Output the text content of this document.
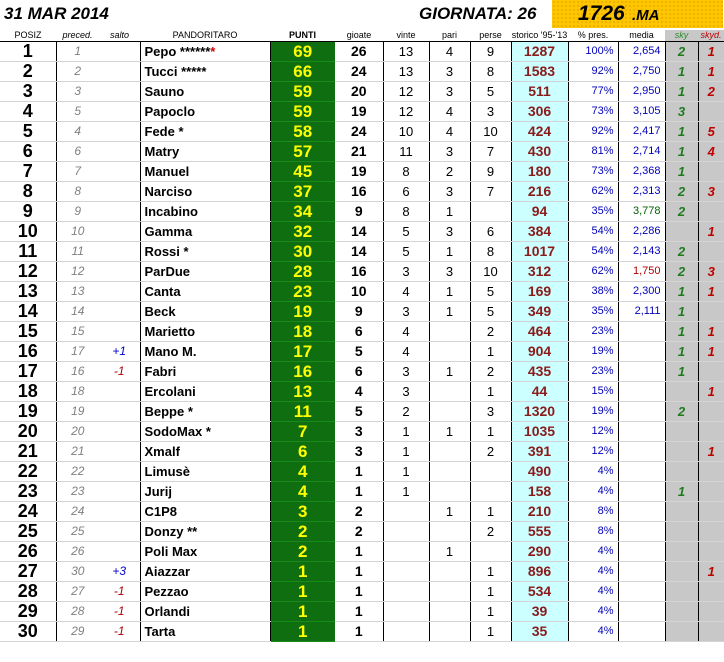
31 MAR 2014	GIORNATA: 26 1726 .MA
POSIZ	preced.	salto	PANDORITARO	PUNTI	gioate	vinte	pari	perse	storico '95-'13	% pres.	media	sky	skyd.
1	1		Pepo *******	69	26	13	4	9	1287	100%	2,654	2	1
2	2		Tucci *****	66	24	13	3	8	1583	92%	2,750	1	1
3	3		Sauno	59	20	12	3	5	511	77%	2,950	1	2
4	5		Papoclo	59	19	12	4	3	306	73%	3,105	3	
5	4		Fede *	58	24	10	4	10	424	92%	2,417	1	5
6	6		Matry	57	21	11	3	7	430	81%	2,714	1	4
7	7		Manuel	45	19	8	2	9	180	73%	2,368	1	
8	8		Narciso	37	16	6	3	7	216	62%	2,313	2	3
9	9		Incabino	34	9	8	1		94	35%	3,778	2	
10	10		Gamma	32	14	5	3	6	384	54%	2,286		1
11	11		Rossi *	30	14	5	1	8	1017	54%	2,143	2	
12	12		ParDue	28	16	3	3	10	312	62%	1,750	2	3
13	13		Canta	23	10	4	1	5	169	38%	2,300	1	1
14	14		Beck	19	9	3	1	5	349	35%	2,111	1	
15	15		Marietto	18	6	4		2	464	23%		1	1
16	17	+1	Mano M.	17	5	4		1	904	19%		1	1
17	16	-1	Fabri	16	6	3	1	2	435	23%		1	
18	18		Ercolani	13	4	3		1	44	15%			1
19	19		Beppe *	11	5	2		3	1320	19%		2	
20	20		SodoMax *	7	3	1	1	1	1035	12%			
21	21		Xmalf	6	3	1		2	391	12%			1
22	22		Limusè	4	1	1			490	4%			
23	23		Jurij	4	1	1			158	4%		1	
24	24		C1P8	3	2		1	1	210	8%			
25	25		Donzy **	2	2			2	555	8%			
26	26		Poli Max	2	1		1		290	4%			
27	30	+3	Aiazzar	1	1			1	896	4%			1
28	27	-1	Pezzao	1	1			1	534	4%			
29	28	-1	Orlandi	1	1			1	39	4%			
30	29	-1	Tarta	1	1			1	35	4%			
